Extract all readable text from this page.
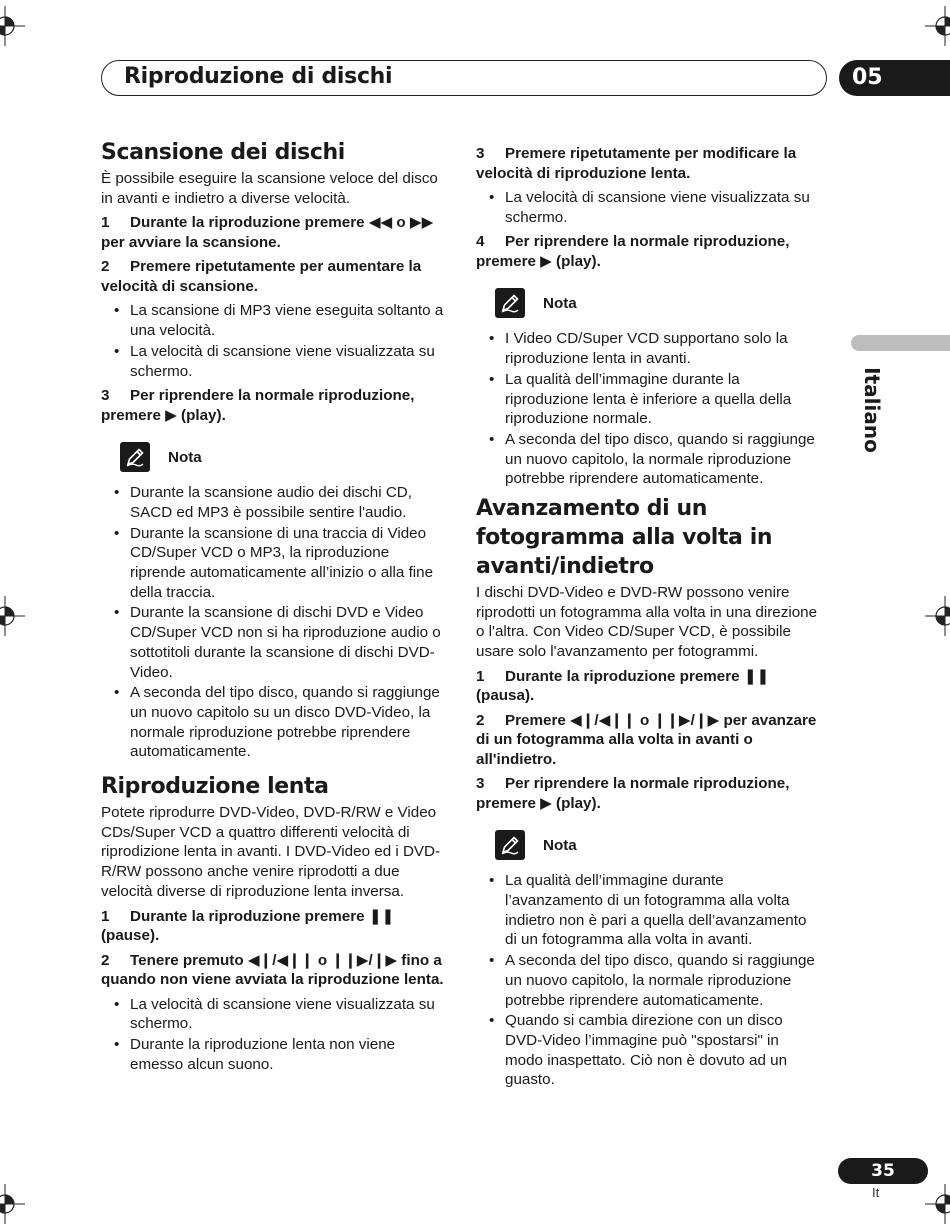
Riproduzione di dischi	05
Italiano
Scansione dei dischi

È possibile eseguire la scansione veloce del disco in avanti e indietro a diverse velocità.

1 Durante la riproduzione premere ◀◀ o ▶▶ per avviare la scansione.
2 Premere ripetutamente per aumentare la velocità di scansione.
• La scansione di MP3 viene eseguita soltanto a una velocità.
• La velocità di scansione viene visualizzata su schermo.
3 Per riprendere la normale riproduzione, premere ▶ (play).
Nota
• Durante la scansione audio dei dischi CD, SACD ed MP3 è possibile sentire l'audio.
• Durante la scansione di una traccia di Video CD/Super VCD o MP3, la riproduzione riprende automaticamente all’inizio o alla fine della traccia.
• Durante la scansione di dischi DVD e Video CD/Super VCD non si ha riproduzione audio o sottotitoli durante la scansione di dischi DVD-Video.
• A seconda del tipo disco, quando si raggiunge un nuovo capitolo su un disco DVD-Video, la normale riproduzione potrebbe riprendere automaticamente.
Riproduzione lenta

Potete riprodurre DVD-Video, DVD-R/RW e Video CDs/Super VCD a quattro differenti velocità di riprodizione lenta in avanti. I DVD-Video ed i DVD-R/RW possono anche venire riprodotti a due velocità diverse di riproduzione lenta inversa.

1 Durante la riproduzione premere ❚❚ (pause).
2 Tenere premuto ◀❙/◀❙❙ o ❙❙▶/❙▶ fino a quando non viene avviata la riproduzione lenta.
• La velocità di scansione viene visualizzata su schermo.
• Durante la riproduzione lenta non viene emesso alcun suono.
3 Premere ripetutamente per modificare la velocità di riproduzione lenta.
• La velocità di scansione viene visualizzata su schermo.
4 Per riprendere la normale riproduzione, premere ▶ (play).
Nota
• I Video CD/Super VCD supportano solo la riproduzione lenta in avanti.
• La qualità dell’immagine durante la riproduzione lenta è inferiore a quella della riproduzione normale.
• A seconda del tipo disco, quando si raggiunge un nuovo capitolo, la normale riproduzione potrebbe riprendere automaticamente.
Avanzamento di un fotogramma alla volta in avanti/indietro

I dischi DVD-Video e DVD-RW possono venire riprodotti un fotogramma alla volta in una direzione o l'altra. Con Video CD/Super VCD, è possibile usare solo l'avanzamento per fotogrammi.

1 Durante la riproduzione premere ❚❚ (pausa).
2 Premere ◀❙/◀❙❙ o ❙❙▶/❙▶ per avanzare di un fotogramma alla volta in avanti o all'indietro.
3 Per riprendere la normale riproduzione, premere ▶ (play).
Nota
• La qualità dell’immagine durante l’avanzamento di un fotogramma alla volta indietro non è pari a quella dell’avanzamento di un fotogramma alla volta in avanti.
• A seconda del tipo disco, quando si raggiunge un nuovo capitolo, la normale riproduzione potrebbe riprendere automaticamente.
• Quando si cambia direzione con un disco DVD-Video l’immagine può "spostarsi" in modo inaspettato. Ciò non è dovuto ad un guasto.
35
It
